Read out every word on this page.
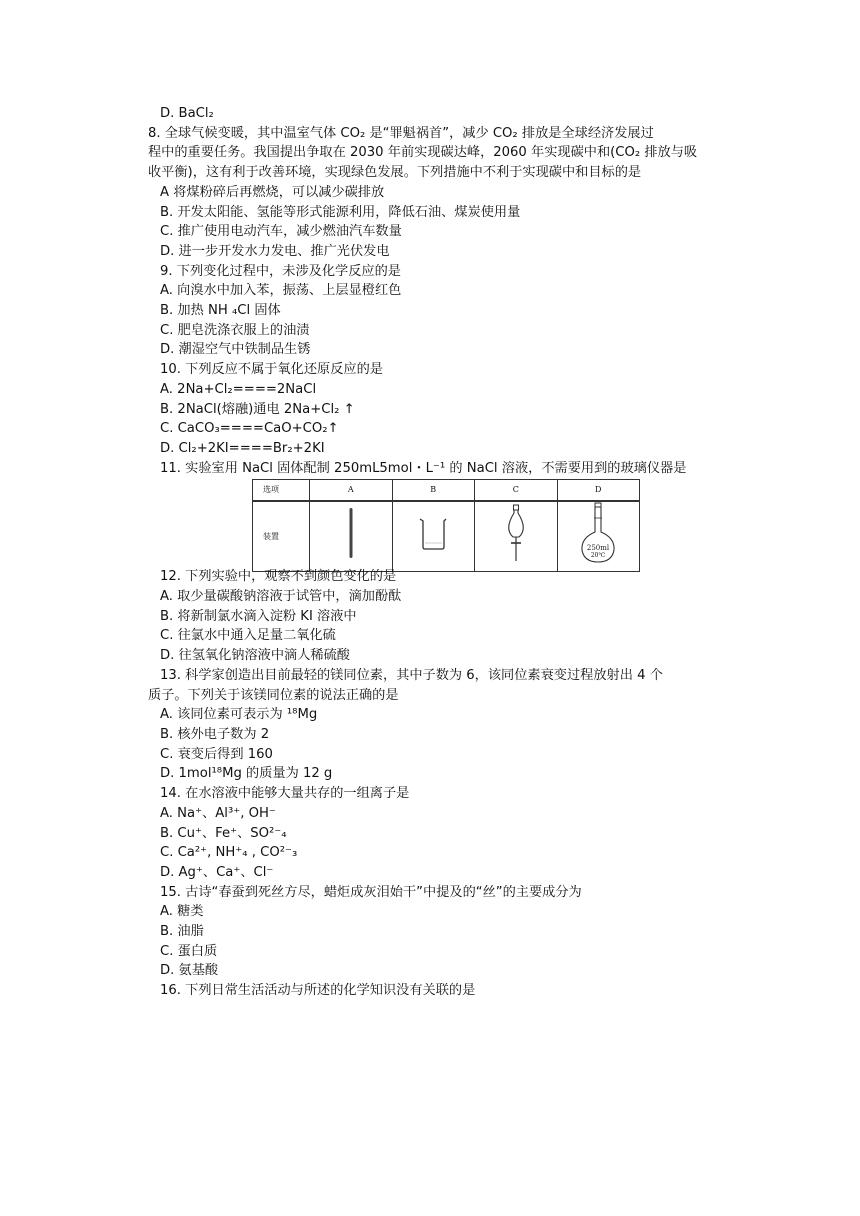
D. BaCl₂
8. 全球气候变暖，其中温室气体 CO₂ 是“罪魁祸首”，减少 CO₂ 排放是全球经济发展过
程中的重要任务。我国提出争取在 2030 年前实现碳达峰，2060 年实现碳中和(CO₂ 排放与吸
收平衡)，这有利于改善环境，实现绿色发展。下列措施中不利于实现碳中和目标的是
A 将煤粉碎后再燃烧，可以减少碳排放
B. 开发太阳能、氢能等形式能源利用，降低石油、煤炭使用量
C. 推广使用电动汽车，减少燃油汽车数量
D. 进一步开发水力发电、推广光伏发电
9. 下列变化过程中，未涉及化学反应的是
A. 向溴水中加入苯，振荡、上层显橙红色
B. 加热 NH ₄Cl 固体
C. 肥皂洗涤衣服上的油渍
D. 潮湿空气中铁制品生锈
10. 下列反应不属于氧化还原反应的是
A. 2Na+Cl₂====2NaCl
B. 2NaCl(熔融)通电 2Na+Cl₂ ↑
C. CaCO₃====CaO+CO₂↑
D. Cl₂+2KI====Br₂+2KI
11. 实验室用 NaCl 固体配制 250mL5mol・L⁻¹ 的 NaCl 溶液，不需要用到的玻璃仪器是
选项	A	B	C	D
装置				250ml
20℃
12. 下列实验中，观察不到颜色变化的是
A. 取少量碳酸钠溶液于试管中，滴加酚酞
B. 将新制氯水滴入淀粉 KI 溶液中
C. 往氯水中通入足量二氧化硫
D. 往氢氧化钠溶液中滴人稀硫酸
13. 科学家创造出目前最轻的镁同位素，其中子数为 6，该同位素衰变过程放射出 4 个
质子。下列关于该镁同位素的说法正确的是
A. 该同位素可表示为 ¹⁸Mg
B. 核外电子数为 2
C. 衰变后得到 160
D. 1mol¹⁸Mg 的质量为 12 g
14. 在水溶液中能够大量共存的一组离子是
A. Na⁺、Al³⁺, OH⁻
B. Cu⁺、Fe⁺、SO²⁻₄
C. Ca²⁺, NH⁺₄ , CO²⁻₃
D. Ag⁺、Ca⁺、Cl⁻
15. 古诗“春蚕到死丝方尽，蜡炬成灰泪始干”中提及的“丝”的主要成分为
A. 糖类
B. 油脂
C. 蛋白质
D. 氨基酸
16. 下列日常生活活动与所述的化学知识没有关联的是
